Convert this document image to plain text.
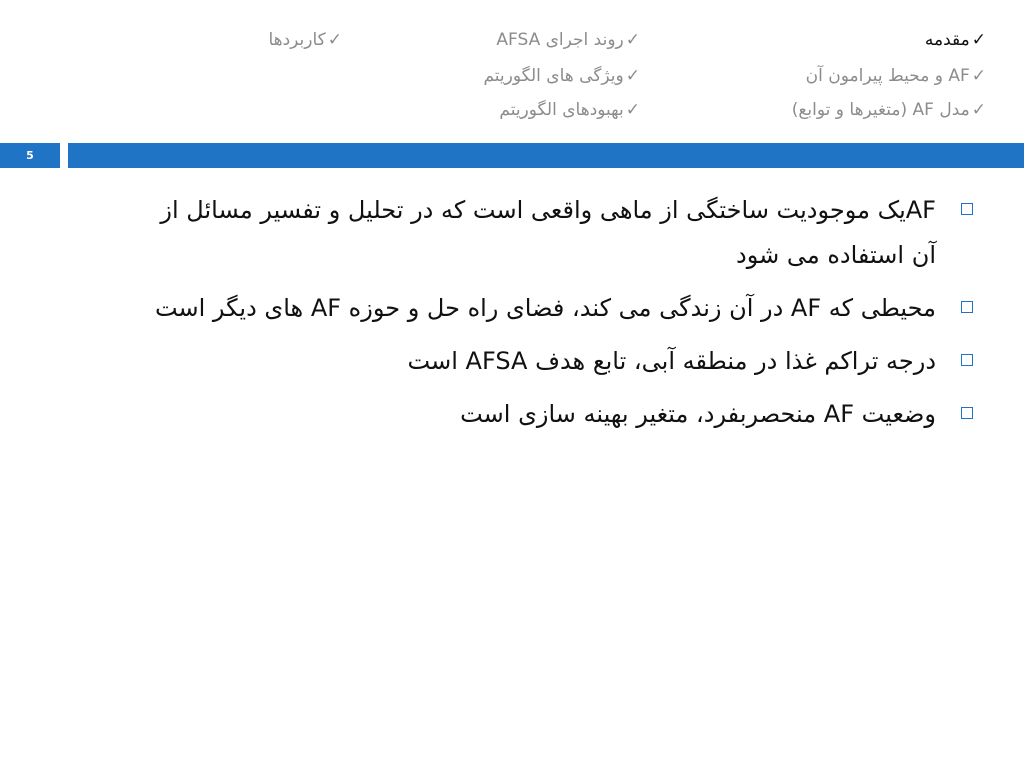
✓مقدمه
✓AF و محیط پیرامون آن
✓مدل AF (متغیرها و توابع)
✓روند اجرای AFSA
✓ویژگی های الگوریتم
✓بهبودهای الگوریتم
✓کاربردها
5
AFیک موجودیت ساختگی از ماهی واقعی است که در تحلیل و تفسیر مسائل از آن استفاده می شود
محیطی که AF در آن زندگی می کند، فضای راه حل و حوزه AF های دیگر است
درجه تراکم غذا در منطقه آبی، تابع هدف AFSA است
وضعیت AF منحصربفرد، متغیر بهینه سازی است
